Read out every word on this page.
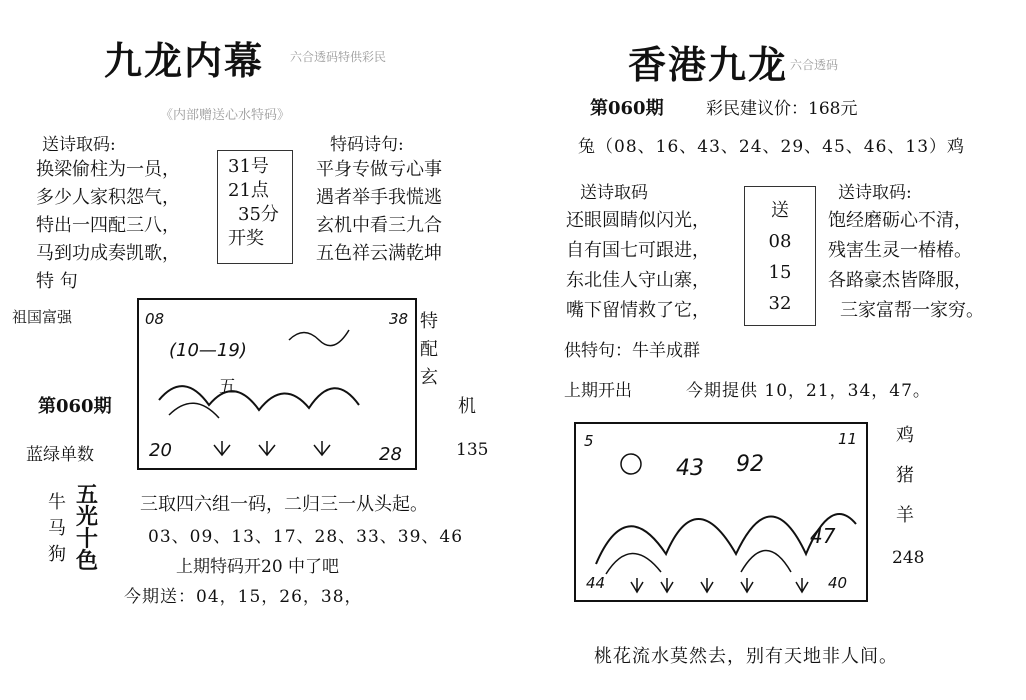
九龙内幕 六合透码特供彩民
《内部赠送心水特码》
送诗取码:
换梁偷柱为一员，
多少人家积怨气，
特出一四配三八，
马到功成奏凯歌，
特 句
31号
21点
35分
开奖
特码诗句:
平身专做亏心事
遇者举手我慌逃
玄机中看三九合
五色祥云满乾坤
祖国富强
第060期
蓝绿单数
08	38
20	28
(10—19)
五
特
配
玄
机
135
牛
马
狗
五
光
十
色
三取四六组一码，二归三一从头起。
03、09、13、17、28、33、39、46
上期特码开20 中了吧
今期送：04，15，26，38，
香港九龙 六合透码
第060期 彩民建议价：168元
兔（08、16、43、24、29、45、46、13）鸡
送诗取码
还眼圆睛似闪光，
自有国七可跟进，
东北佳人守山寨，
嘴下留情救了它，
送
08
15
32
送诗取码:
饱经磨砺心不清，
残害生灵一椿椿。
各路豪杰皆降服，
三家富帮一家穷。
供特句：牛羊成群
上期开出	今期提供 10，21，34，47。
5	11
44	40
43 92
47
鸡
猪
羊
248
桃花流水莫然去，别有天地非人间。
